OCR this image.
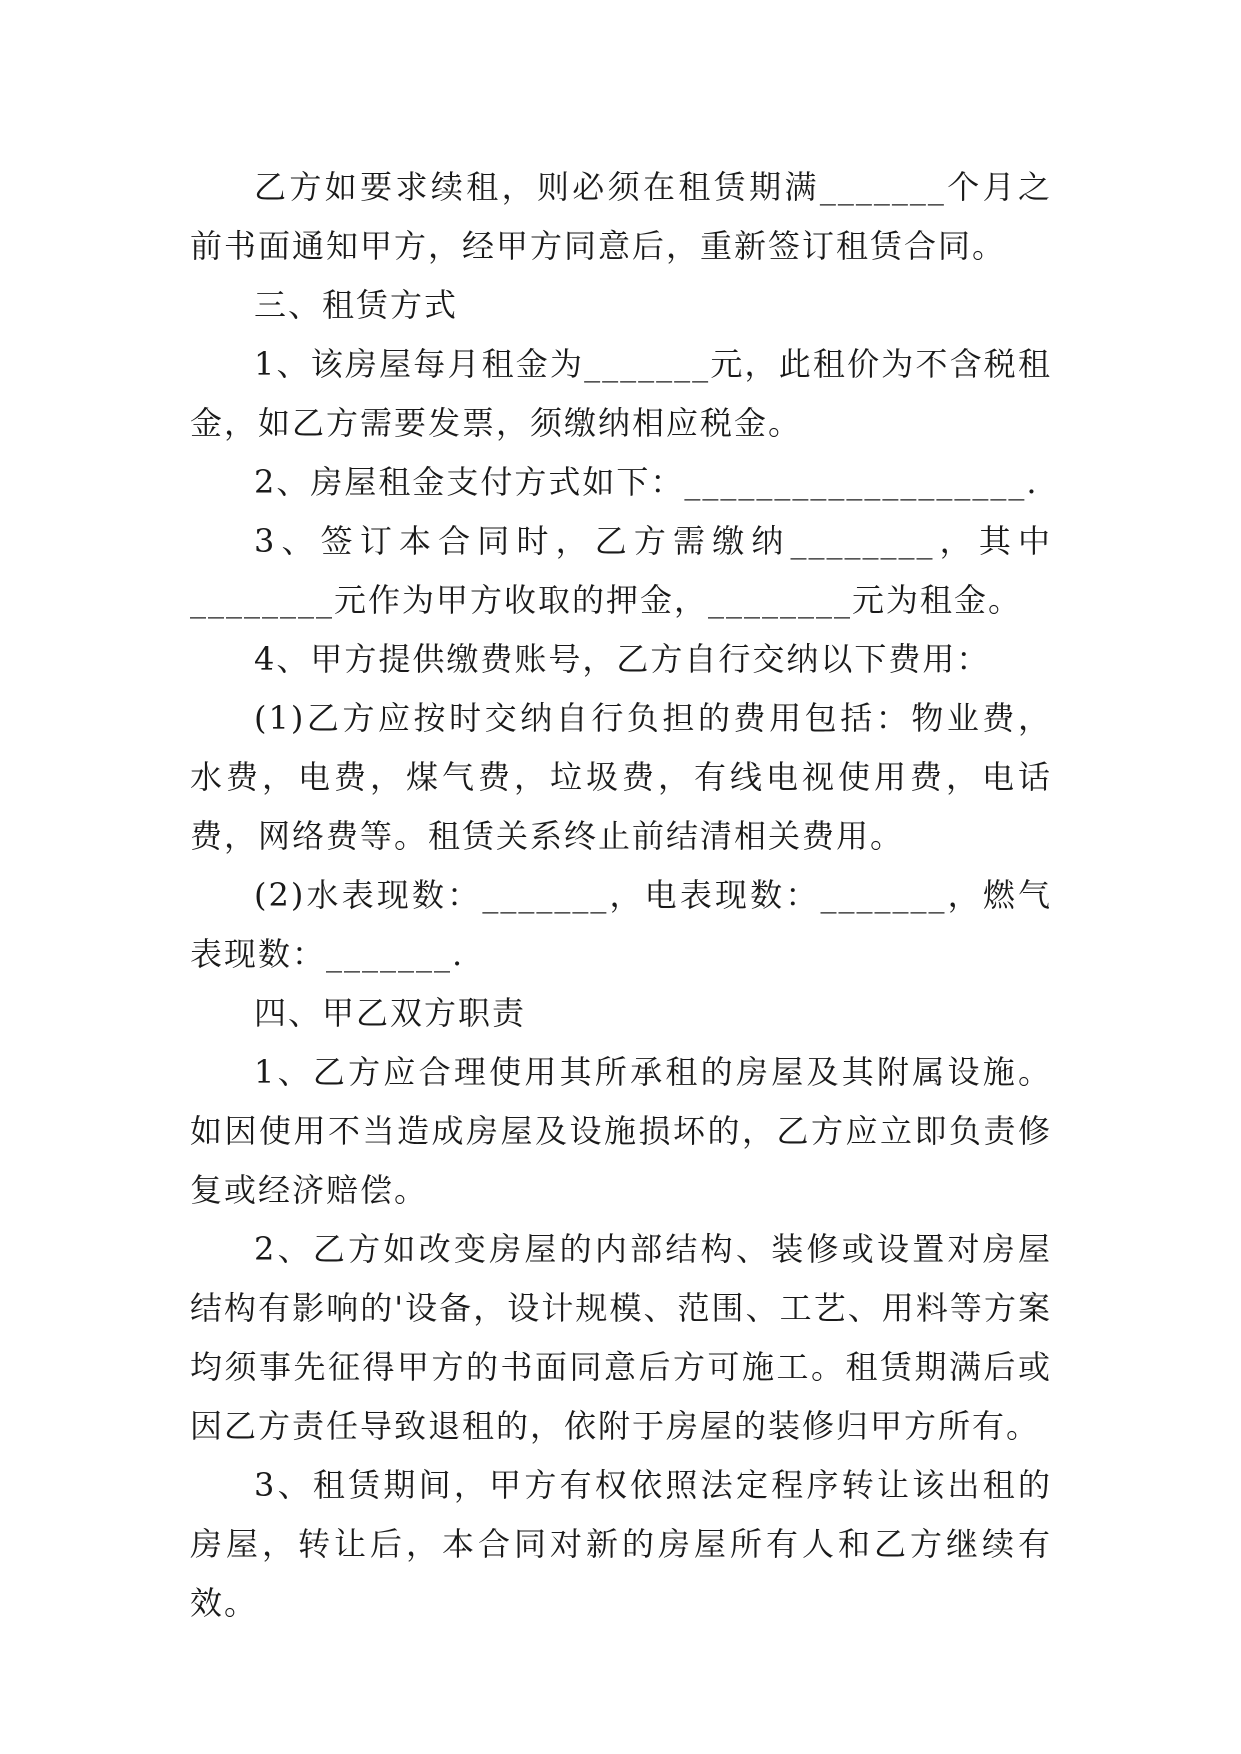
乙方如要求续租，则必须在租赁期满_______个月之前书面通知甲方，经甲方同意后，重新签订租赁合同。

三、租赁方式

1、该房屋每月租金为_______元，此租价为不含税租金，如乙方需要发票，须缴纳相应税金。

2、房屋租金支付方式如下：___________________.

3、签订本合同时，乙方需缴纳________，其中________元作为甲方收取的押金，________元为租金。

4、甲方提供缴费账号，乙方自行交纳以下费用：

(1)乙方应按时交纳自行负担的费用包括：物业费，水费，电费，煤气费，垃圾费，有线电视使用费，电话费，网络费等。租赁关系终止前结清相关费用。

(2)水表现数：_______，电表现数：_______，燃气表现数：_______.

四、甲乙双方职责

1、乙方应合理使用其所承租的房屋及其附属设施。如因使用不当造成房屋及设施损坏的，乙方应立即负责修复或经济赔偿。

2、乙方如改变房屋的内部结构、装修或设置对房屋结构有影响的'设备，设计规模、范围、工艺、用料等方案均须事先征得甲方的书面同意后方可施工。租赁期满后或因乙方责任导致退租的，依附于房屋的装修归甲方所有。

3、租赁期间，甲方有权依照法定程序转让该出租的房屋，转让后，本合同对新的房屋所有人和乙方继续有效。
